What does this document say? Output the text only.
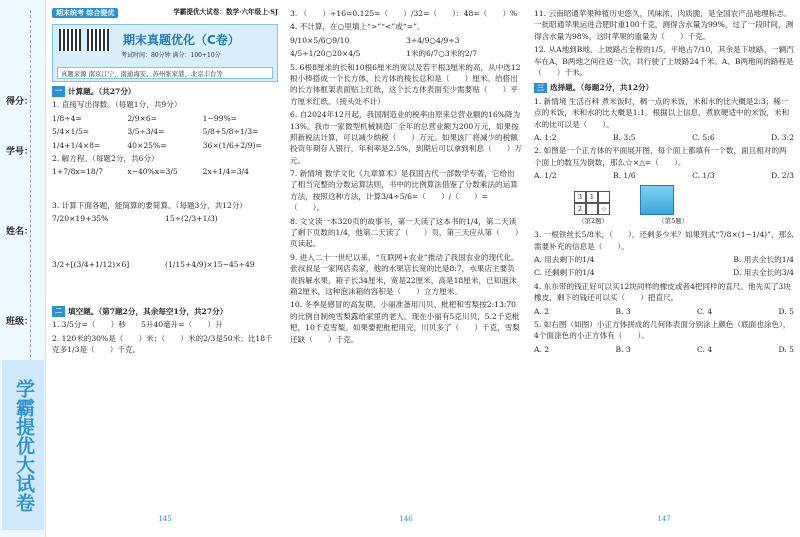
得分：
学号：
姓名：
班级：
学霸提优大试卷
期末统考 综合提优	学霸提优大试卷：数学·六年级上·SJ
期末真题优化（C卷）
考试时间：80分钟 满分：100+10分
真题来源 南京江宁、南通海安、苏州张家港、北京丰台等
一 计算题。（共27分）
1. 直接写出得数。（每题1分，共9分）
1/8÷4=	2/9×6=	1−99%=
5/4×1/5=	3/5÷3/4=	5/8+5/8÷1/3=
1/4+1/4×8=	40×25%=	36×(1/6+2/9)=
2. 解方程。（每题2分，共6分）
1+7/8x=18/7	x−40%x=3/5	2x+1/4=3/4
3. 计算下面各题，能简算的要简算。（每题3分，共12分）
7/20×19+35%	15÷(2/3+1/3)
3/2÷[(3/4+1/12)×6]	(1/15+4/9)×15−45÷49
二 填空题。（第7题2分，其余每空1分，共27分）
1. 3/5分=（　　）秒　　5升40毫升=（　　）升
2. 120米的30%是（　　）米；（　　）米的2/3是50米；比18千克多1/3是（　　）千克。
145
3. （　　）÷16=0.125=（　　）/32=（　　）：48=（　　）%
4. 不计算，在○里填上“>”“<”或“=”。
9/10×5/6○9/10	3÷4/9○4/9÷3
4/5÷1/20○20×4/5	1米的6/7○3米的2/7
5. 6根8厘米的长和10根6厘米的宽以及若干根3厘米的高，从中选12根小棒搭成一个长方体，长方体的棱长总和是（　　）厘米。给搭出的长方体框架表面贴上红纸，这个长方体表面至少需要贴（　　）平方厘米红纸。（接头处不计）
6. 自2024年12月起，我国制造业的税率由原来总营业额的16%降为13%。我市一家微型机械制造厂全年的总营业额为200万元，如果按照新税法计算，可以减少纳税（　　）万元。如果该厂将减少的税额投资年期存入银行，年利率是2.5%，到期后可以拿到利息（　　）万元。
7. 新情境 数学文化《九章算术》是我国古代一部数学专著，它给出了相当完整的分数运算法则，书中的比例算法借鉴了分数乘法的运算方法，按照这种方法，计算3/4÷5/6=（　　）/（　　）=（　　）。
8. 文文读一本320页的故事书，第一天读了这本书的1/4，第二天读了剩下页数的1/4，他第二天读了（　　）页，第三天应从第（　　）页读起。
9. 进入二十一世纪以来，“互联网+农业”推动了我国农业的现代化。张叔叔是一家网店卖家，他的水果店长宽的比是8:7，水果店主要负责拆解水果，箱子长34厘米，宽是22厘米，高是18厘米，已知泡沫箱2厘米，这种泡沫箱的容积是（　　）立方厘米。
10. 冬季是感冒的高发期，小丽准备用川贝、枇杷和雪梨按2:13:70的比例自制纯雪梨露给家里的老人。现在小丽有5克川贝，5.2千克枇杷，10千克雪梨。如果要把枇杷用完，川贝多了（　　）千克，雪梨还缺（　　）千克。
146
11. 云南昭通苹果种植历史悠久，风味浓，肉质脆，是全国农产品地理标志。一批昭通苹果运进合肥时重100千克，测得含水量为99%，过了一段时间，测得含水量为98%，这时苹果的重量为（　　）千克。
12. 从A地到B地，上坡路占全程的1/5，平地占7/10，其余是下坡路。一辆汽车在A、B两地之间往返一次，共行驶了上坡路24千米。A、B两地间的路程是（　　）千米。
三 选择题。（每题2分，共12分）
1. 新情境 生活百科 煮米饭时，稠一点的米饭，米和水的比大概是2:3；稀一点的米饭，米和水的比大概是1:1。根据以上信息，煮软硬适中的米饭，米和水的比可以是（　　）。
A. 1:2	B. 3:5	C. 5:6	D. 3:2
2. 如图是一个正方体的平面展开图，每个面上都填有一个数，面且相对的两个面上的数互为倒数，那么☆×△=（　　）。
A. 1/2	B. 1/6	C. 1/3	D. 2/3
3	1
2	☆
（第2题）	（第5题）
3. 一根铁丝长5/8米，（　　），还剩多少米？如果列式“7/8×(1−1/4)”，那么需要补充的信息是（　　）。
A. 用去剩下的1/4	B. 用去全长的1/4
C. 还剩剩下的1/4	D. 用去全长的3/4
4. 东东带的钱正好可以买12块同样的橡皮或者4把同样的直尺。他先买了3块橡皮，剩下的钱还可以买（　　）把直尺。
A. 2	B. 3	C. 4	D. 5
5. 如右图（如图）小正方体拼成的几何体表面分别涂上颜色（底面也涂色），4个面涂色的小正方体有（　　）。
A. 2	B. 3	C. 4	D. 5
147
